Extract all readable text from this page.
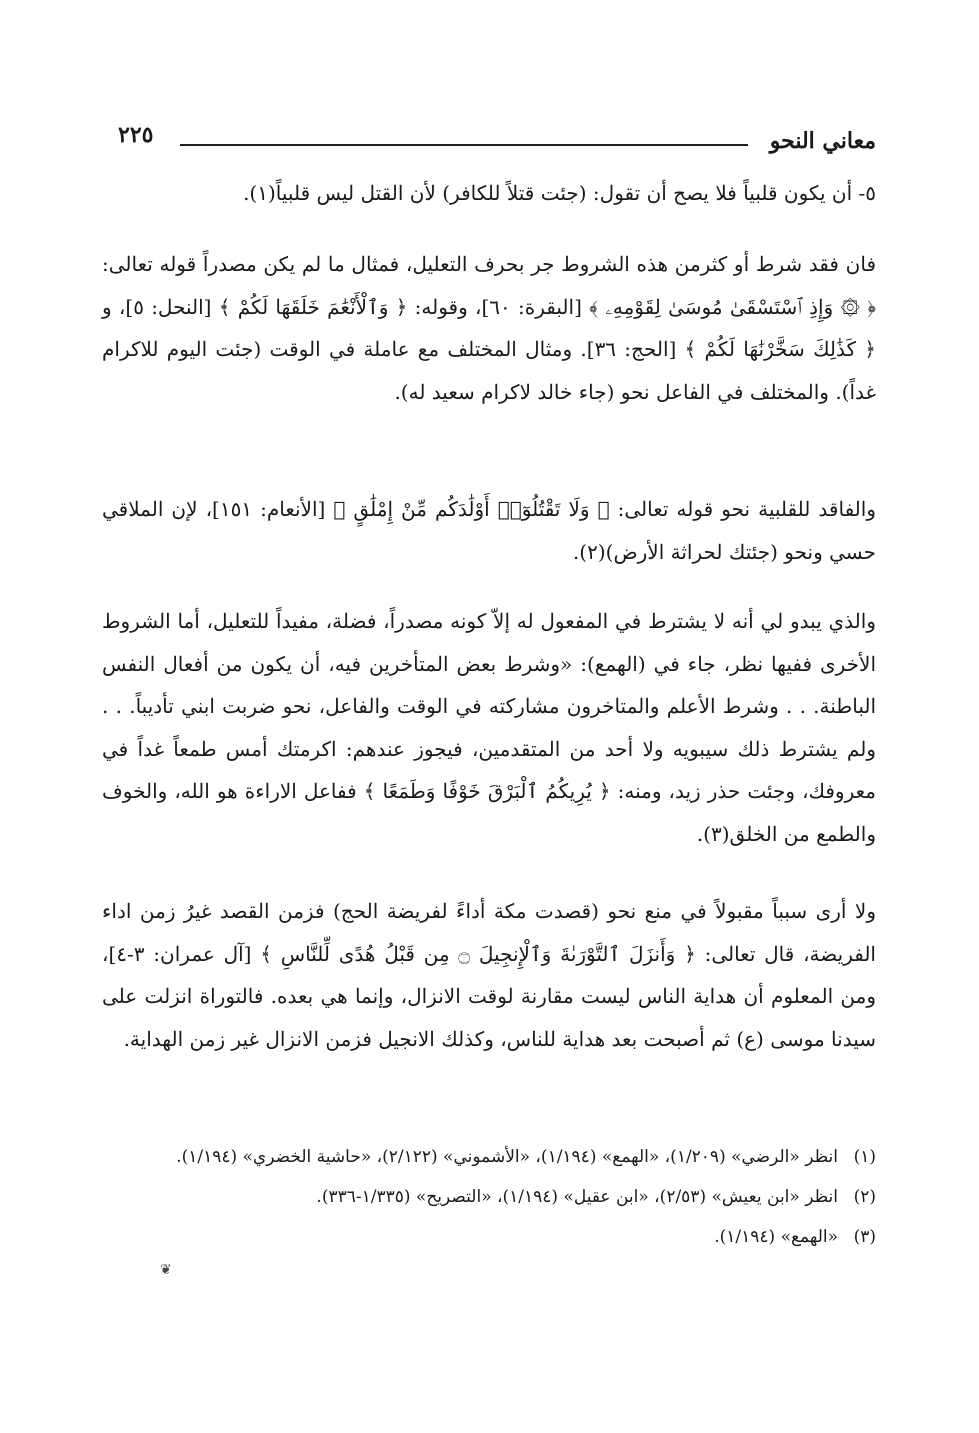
٢٢٥	معاني النحو

٥- أن يكون قلبياً فلا يصح أن تقول: (جئت قتلاً للكافر) لأن القتل ليس قلبياً(١).

فان فقد شرط أو كثرمن هذه الشروط جر بحرف التعليل، فمثال ما لم يكن مصدراً قوله تعالى: ﴿ ۞ وَإِذِ ٱسْتَسْقَىٰ مُوسَىٰ لِقَوْمِهِۦ ﴾ [البقرة: ٦٠]، وقوله: ﴿ وَٱلْأَنْعَٰمَ خَلَقَهَا لَكُمْ ﴾ [النحل: ٥]، و ﴿ كَذَٰلِكَ سَخَّرْنَٰهَا لَكُمْ ﴾ [الحج: ٣٦]. ومثال المختلف مع عاملة في الوقت (جئت اليوم للاكرام غداً). والمختلف في الفاعل نحو (جاء خالد لاكرام سعيد له).

والفاقد للقلبية نحو قوله تعالى: ﴿ وَلَا تَقْتُلُوٓا۟ أَوْلَٰدَكُم مِّنْ إِمْلَٰقٍ ﴾ [الأنعام: ١٥١]، لإن الملاقي حسي ونحو (جئتك لحراثة الأرض)(٢).

والذي يبدو لي أنه لا يشترط في المفعول له إلاّ كونه مصدراً، فضلة، مفيداً للتعليل، أما الشروط الأخرى ففيها نظر، جاء في (الهمع): «وشرط بعض المتأخرين فيه، أن يكون من أفعال النفس الباطنة. . . وشرط الأعلم والمتاخرون مشاركته في الوقت والفاعل، نحو ضربت ابني تأديباً. . . ولم يشترط ذلك سيبويه ولا أحد من المتقدمين، فيجوز عندهم: اكرمتك أمس طمعاً غداً في معروفك، وجئت حذر زيد، ومنه: ﴿ يُرِيكُمُ ٱلْبَرْقَ خَوْفًا وَطَمَعًا ﴾ ففاعل الاراءة هو الله، والخوف والطمع من الخلق(٣).

ولا أرى سبباً مقبولاً في منع نحو (قصدت مكة أداءً لفريضة الحج) فزمن القصد غيرُ زمن اداء الفريضة، قال تعالى: ﴿ وَأَنزَلَ ٱلتَّوْرَىٰةَ وَٱلْإِنجِيلَ ۝ مِن قَبْلُ هُدًى لِّلنَّاسِ ﴾ [آل عمران: ٣-٤]، ومن المعلوم أن هداية الناس ليست مقارنة لوقت الانزال، وإنما هي بعده. فالتوراة انزلت على سيدنا موسى (ع) ثم أصبحت بعد هداية للناس، وكذلك الانجيل فزمن الانزال غير زمن الهداية.

(١)
انظر «الرضي» (١/٢٠٩)، «الهمع» (١/١٩٤)، «الأشموني» (٢/١٢٢)، «حاشية الخضري» (١/١٩٤).
(٢)
انظر «ابن يعيش» (٢/٥٣)، «ابن عقيل» (١/١٩٤)، «التصريح» (١/٣٣٥-٣٣٦).
(٣)
«الهمع» (١/١٩٤).
❦
